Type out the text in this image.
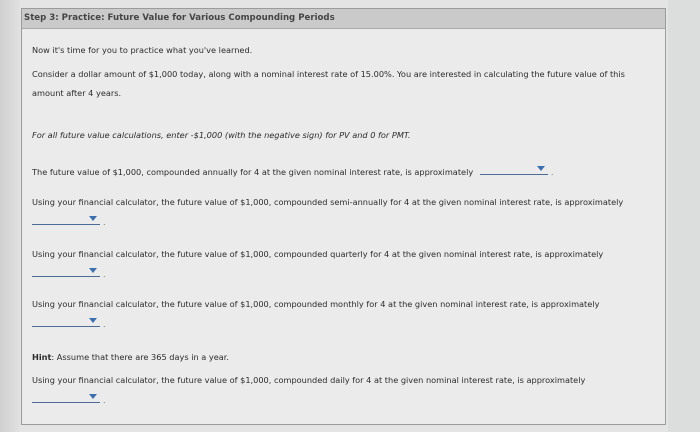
Step 3: Practice: Future Value for Various Compounding Periods
Now it's time for you to practice what you've learned.
Consider a dollar amount of $1,000 today, along with a nominal interest rate of 15.00%. You are interested in calculating the future value of this
amount after 4 years.
For all future value calculations, enter -$1,000 (with the negative sign) for PV and 0 for PMT.
The future value of $1,000, compounded annually for 4 at the given nominal interest rate, is approximately	.
Using your financial calculator, the future value of $1,000, compounded semi-annually for 4 at the given nominal interest rate, is approximately
.
Using your financial calculator, the future value of $1,000, compounded quarterly for 4 at the given nominal interest rate, is approximately
.
Using your financial calculator, the future value of $1,000, compounded monthly for 4 at the given nominal interest rate, is approximately
.
Hint: Assume that there are 365 days in a year.
Using your financial calculator, the future value of $1,000, compounded daily for 4 at the given nominal interest rate, is approximately
.
